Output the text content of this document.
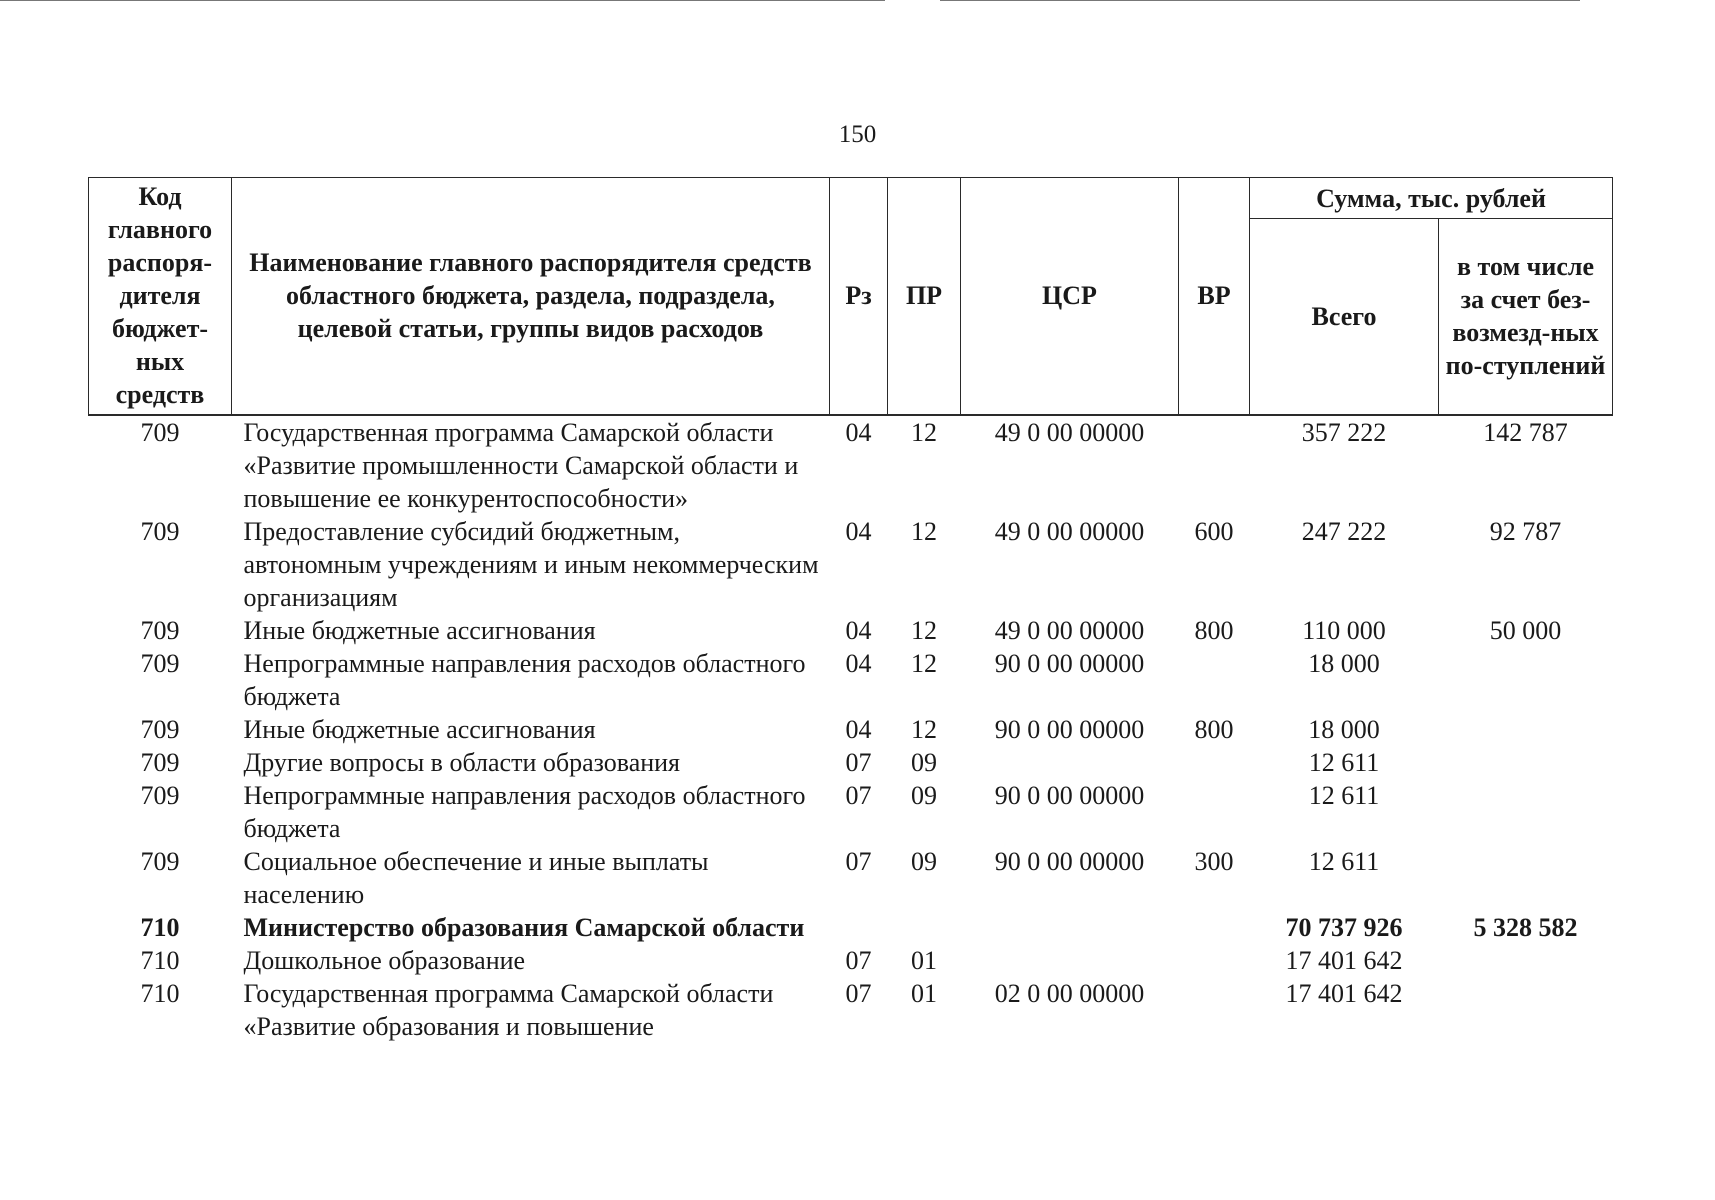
150
Код главного распоря-дителя бюджет-ных средств	Наименование главного распорядителя средств областного бюджета, раздела, подраздела, целевой статьи, группы видов расходов	Рз	ПР	ЦСР	ВР	Сумма, тыс. рублей	
						Всего	в том числе за счет без-возмезд-ных по-ступлений
709	Государственная программа Самарской области «Развитие промышленности Самарской области и повышение ее конкурентоспособности»	04	12	49 0 00 00000		357 222	142 787
709	Предоставление субсидий бюджетным, автономным учреждениям и иным некоммерческим организациям	04	12	49 0 00 00000	600	247 222	92 787
709	Иные бюджетные ассигнования	04	12	49 0 00 00000	800	110 000	50 000
709	Непрограммные направления расходов областного бюджета	04	12	90 0 00 00000		18 000	
709	Иные бюджетные ассигнования	04	12	90 0 00 00000	800	18 000	
709	Другие вопросы в области образования	07	09			12 611	
709	Непрограммные направления расходов областного бюджета	07	09	90 0 00 00000		12 611	
709	Социальное обеспечение и иные выплаты населению	07	09	90 0 00 00000	300	12 611	
710	Министерство образования Самарской области					70 737 926	5 328 582
710	Дошкольное образование	07	01			17 401 642	
710	Государственная программа Самарской области «Развитие образования и повышение	07	01	02 0 00 00000		17 401 642	
